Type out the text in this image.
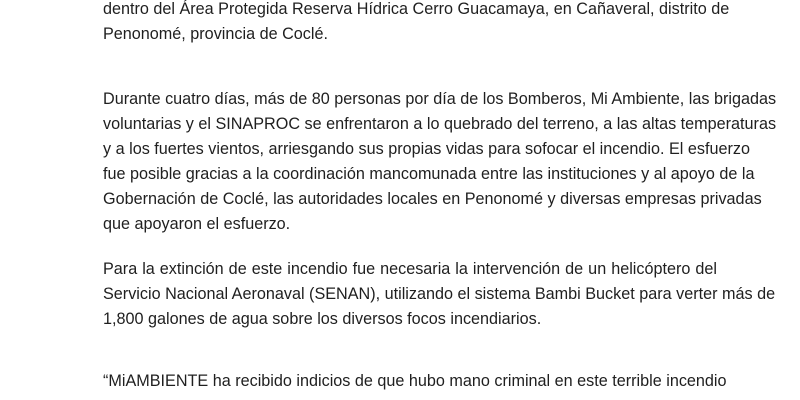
dentro del Área Protegida Reserva Hídrica Cerro Guacamaya, en Cañaveral, distrito de
Penonomé, provincia de Coclé.

Durante cuatro días, más de 80 personas por día de los Bomberos, Mi Ambiente, las brigadas
voluntarias y el SINAPROC se enfrentaron a lo quebrado del terreno, a las altas temperaturas
y a los fuertes vientos, arriesgando sus propias vidas para sofocar el incendio. El esfuerzo
fue posible gracias a la coordinación mancomunada entre las instituciones y al apoyo de la
Gobernación de Coclé, las autoridades locales en Penonomé y diversas empresas privadas
que apoyaron el esfuerzo.

Para la extinción de este incendio fue necesaria la intervención de un helicóptero del
Servicio Nacional Aeronaval (SENAN), utilizando el sistema Bambi Bucket para verter más de
1,800 galones de agua sobre los diversos focos incendiarios.

“MiAMBIENTE ha recibido indicios de que hubo mano criminal en este terrible incendio
